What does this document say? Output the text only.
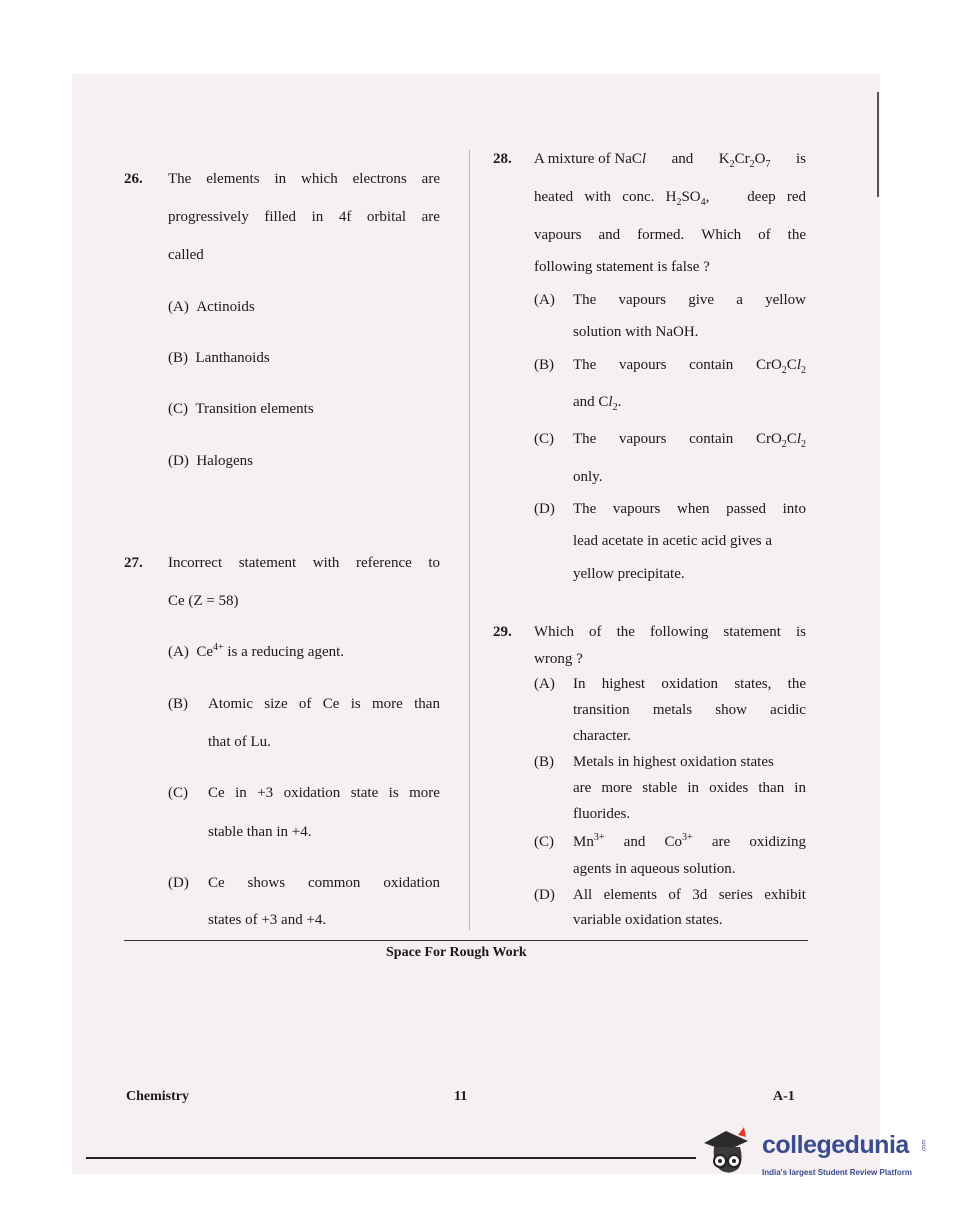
26. The elements in which electrons are
progressively filled in 4f orbital are
called
(A) Actinoids
(B) Lanthanoids
(C) Transition elements
(D) Halogens
27. Incorrect statement with reference to
Ce (Z = 58)
(A) $Ce^{4+}$ is a reducing agent.
(B) Atomic size of Ce is more than
that of Lu.
(C) Ce in +3 oxidation state is more
stable than in +4.
(D) Ce shows common oxidation
states of +3 and +4.
28. A mixture of NaCl and $K_2Cr_2O_7$ is
heated   with   conc.   $H_2SO_4$,	deep   red
vapours and formed. Which of the
following statement is false ?
(A) The vapours give a yellow
solution with NaOH.
(B) The vapours contain $CrO_2Cl_2$
and $Cl_2$.
(C) The vapours contain $CrO_2Cl_2$
only.
(D) The vapours when passed into
lead acetate in acetic acid gives a
yellow precipitate.
29. Which of the following statement is
wrong ?
(A) In highest oxidation states, the
transition metals show acidic
character.
(B) Metals in highest oxidation states
are more stable in oxides than in
fluorides.
(C) $Mn^{3+}$ and $Co^{3+}$ are oxidizing
agents in aqueous solution.
(D) All elements of 3d series exhibit
variable oxidation states.
Space For Rough Work
Chemistry	11	A-1
collegedunia .com
India's largest Student Review Platform
